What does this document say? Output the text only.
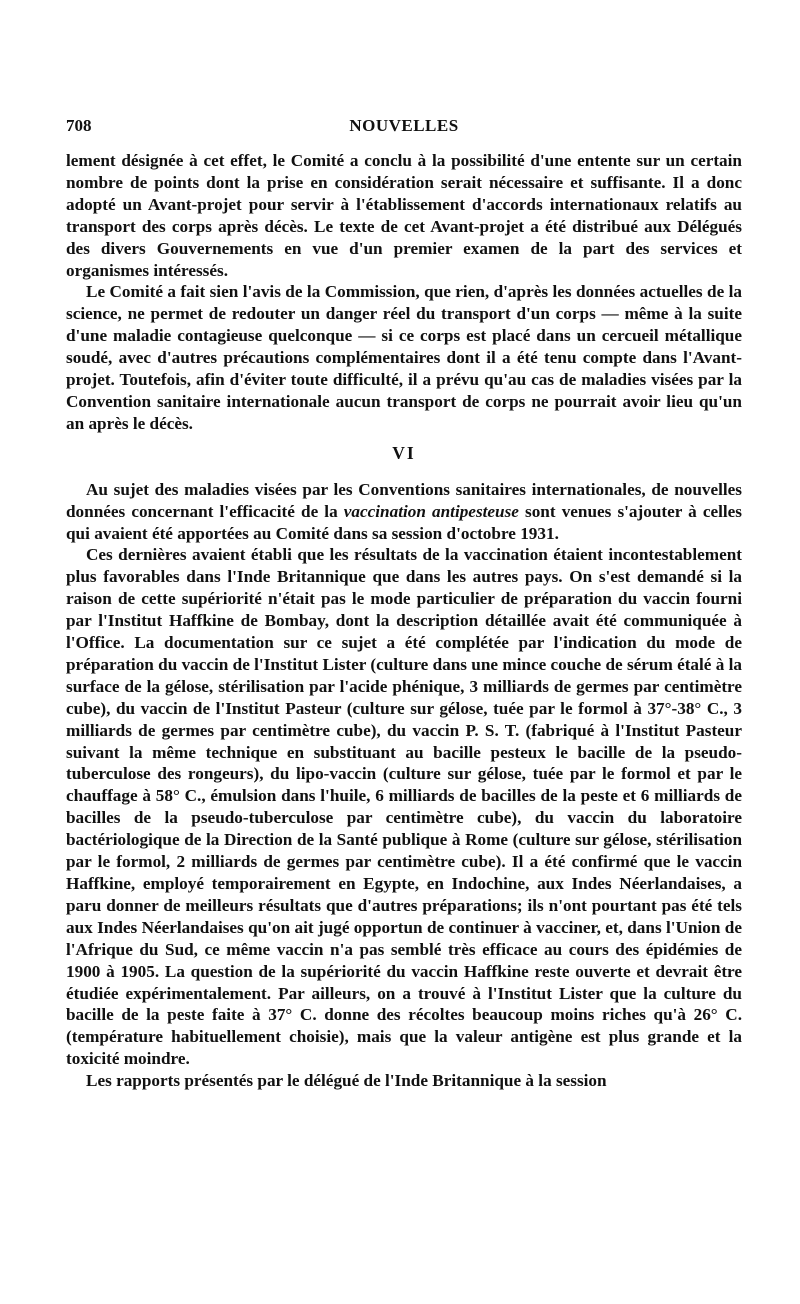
708	NOUVELLES

lement désignée à cet effet, le Comité a conclu à la possibilité d'une entente sur un certain nombre de points dont la prise en considération serait nécessaire et suffisante. Il a donc adopté un Avant-projet pour servir à l'établissement d'accords internationaux relatifs au transport des corps après décès. Le texte de cet Avant-projet a été distribué aux Délégués des divers Gouvernements en vue d'un premier examen de la part des services et organismes intéressés.

Le Comité a fait sien l'avis de la Commission, que rien, d'après les données actuelles de la science, ne permet de redouter un danger réel du transport d'un corps — même à la suite d'une maladie contagieuse quelconque — si ce corps est placé dans un cercueil métallique soudé, avec d'autres précautions complémentaires dont il a été tenu compte dans l'Avant-projet. Toutefois, afin d'éviter toute difficulté, il a prévu qu'au cas de maladies visées par la Convention sanitaire internationale aucun transport de corps ne pourrait avoir lieu qu'un an après le décès.

VI

Au sujet des maladies visées par les Conventions sanitaires internationales, de nouvelles données concernant l'efficacité de la vaccination antipesteuse sont venues s'ajouter à celles qui avaient été apportées au Comité dans sa session d'octobre 1931.

Ces dernières avaient établi que les résultats de la vaccination étaient incontestablement plus favorables dans l'Inde Britannique que dans les autres pays. On s'est demandé si la raison de cette supériorité n'était pas le mode particulier de préparation du vaccin fourni par l'Institut Haffkine de Bombay, dont la description détaillée avait été communiquée à l'Office. La documentation sur ce sujet a été complétée par l'indication du mode de préparation du vaccin de l'Institut Lister (culture dans une mince couche de sérum étalé à la surface de la gélose, stérilisation par l'acide phénique, 3 milliards de germes par centimètre cube), du vaccin de l'Institut Pasteur (culture sur gélose, tuée par le formol à 37°-38° C., 3 milliards de germes par centimètre cube), du vaccin P. S. T. (fabriqué à l'Institut Pasteur suivant la même technique en substituant au bacille pesteux le bacille de la pseudo-tuberculose des rongeurs), du lipo-vaccin (culture sur gélose, tuée par le formol et par le chauffage à 58° C., émulsion dans l'huile, 6 milliards de bacilles de la peste et 6 milliards de bacilles de la pseudo-tuberculose par centimètre cube), du vaccin du laboratoire bactériologique de la Direction de la Santé publique à Rome (culture sur gélose, stérilisation par le formol, 2 milliards de germes par centimètre cube). Il a été confirmé que le vaccin Haffkine, employé temporairement en Egypte, en Indochine, aux Indes Néerlandaises, a paru donner de meilleurs résultats que d'autres préparations; ils n'ont pourtant pas été tels aux Indes Néerlandaises qu'on ait jugé opportun de continuer à vacciner, et, dans l'Union de l'Afrique du Sud, ce même vaccin n'a pas semblé très efficace au cours des épidémies de 1900 à 1905. La question de la supériorité du vaccin Haffkine reste ouverte et devrait être étudiée expérimentalement. Par ailleurs, on a trouvé à l'Institut Lister que la culture du bacille de la peste faite à 37° C. donne des récoltes beaucoup moins riches qu'à 26° C. (température habituellement choisie), mais que la valeur antigène est plus grande et la toxicité moindre.

Les rapports présentés par le délégué de l'Inde Britannique à la session
